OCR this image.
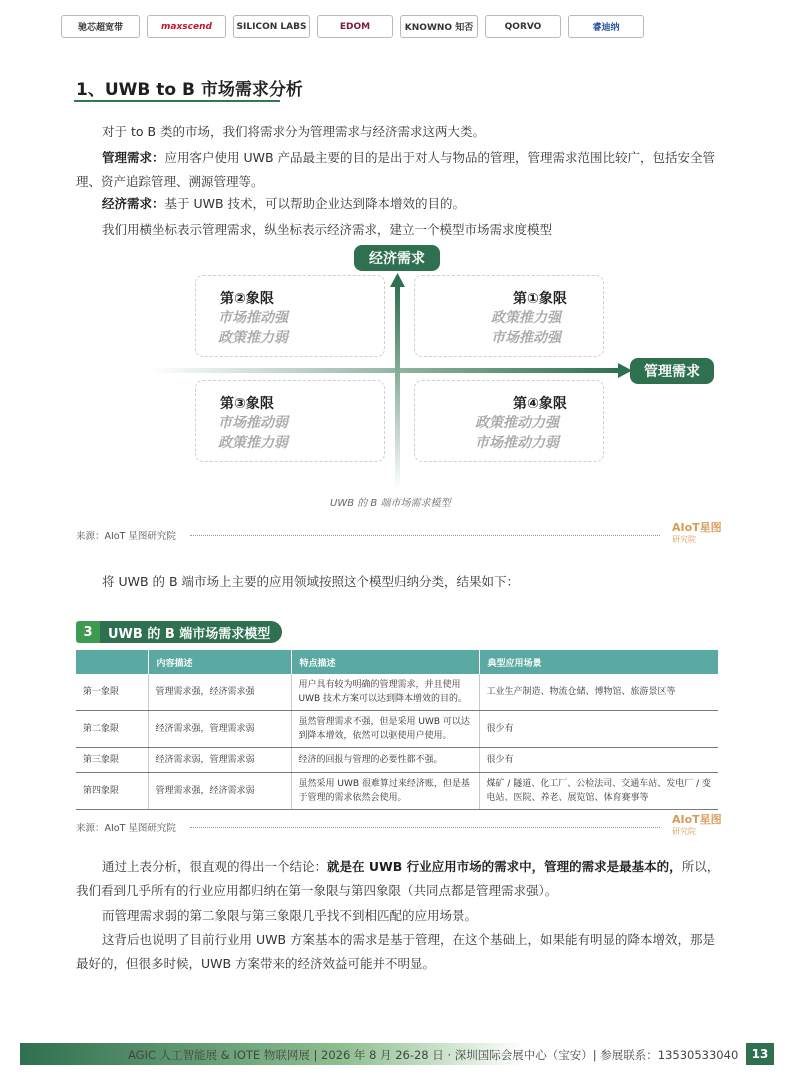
驰芯超宽带	maxscend	SILICON LABS	EDOM	KNOWNO 知否	QORVO	睿迪纳
1、UWB to B 市场需求分析
对于 to B 类的市场，我们将需求分为管理需求与经济需求这两大类。
管理需求：应用客户使用 UWB 产品最主要的目的是出于对人与物品的管理，管理需求范围比较广，包括安全管理、资产追踪管理、溯源管理等。
经济需求：基于 UWB 技术，可以帮助企业达到降本增效的目的。
我们用横坐标表示管理需求，纵坐标表示经济需求，建立一个模型市场需求度模型
经济需求
管理需求
第②象限
市场推动强
政策推力弱
第①象限
政策推力强
市场推动强
第③象限
市场推动弱
政策推力弱
第④象限
政策推动力强
市场推动力弱
UWB 的 B 端市场需求模型
来源：AIoT 星图研究院
AIoT星图
研究院
将 UWB 的 B 端市场上主要的应用领域按照这个模型归纳分类，结果如下：
3	UWB 的 B 端市场需求模型
	内容描述	特点描述	典型应用场景
第一象限	管理需求强，经济需求强	用户具有较为明确的管理需求，并且使用 UWB 技术方案可以达到降本增效的目的。	工业生产制造、物流仓储、博物馆、旅游景区等
第二象限	经济需求强，管理需求弱	虽然管理需求不强，但是采用 UWB 可以达到降本增效，依然可以驱使用户使用。	很少有
第三象限	经济需求弱，管理需求弱	经济的回报与管理的必要性都不强。	很少有
第四象限	管理需求强，经济需求弱	虽然采用 UWB 很难算过来经济账，但是基于管理的需求依然会使用。	煤矿 / 隧道、化工厂、公检法司、交通车站、发电厂 / 变电站、医院、养老、展览馆、体育赛事等
来源：AIoT 星图研究院
AIoT星图
研究院
通过上表分析，很直观的得出一个结论：就是在 UWB 行业应用市场的需求中，管理的需求是最基本的，所以，我们看到几乎所有的行业应用都归纳在第一象限与第四象限（共同点都是管理需求强）。
而管理需求弱的第二象限与第三象限几乎找不到相匹配的应用场景。
这背后也说明了目前行业用 UWB 方案基本的需求是基于管理，在这个基础上，如果能有明显的降本增效，那是最好的，但很多时候，UWB 方案带来的经济效益可能并不明显。
AGIC 人工智能展 & IOTE 物联网展 | 2026 年 8 月 26-28 日 · 深圳国际会展中心（宝安）| 参展联系：13530533040	13
